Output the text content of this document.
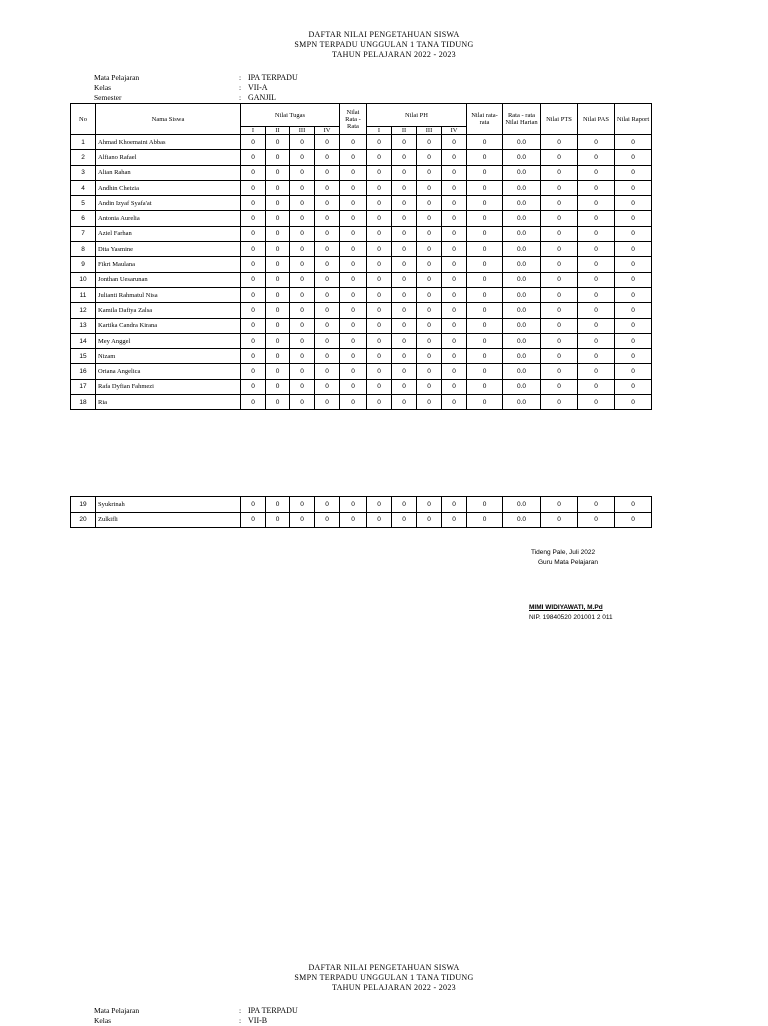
DAFTAR NILAI PENGETAHUAN SISWA
SMPN TERPADU UNGGULAN 1 TANA TIDUNG
TAHUN PELAJARAN 2022 - 2023
Mata Pelajaran	: IPA TERPADU
Kelas	: VII-A
Semester	: GANJIL
No	Nama Siswa	Nilai Tugas				Nilai Rata - Rata	Nilai PH				Nilai rata-rata	Rata - rata Nilai Harian	Nilai PTS	Nilai PAS	Nilai Raport
		I	II	III	IV		I	II	III	IV					
1	Ahmad Khoemaini Abbas	0	0	0	0	0	0	0	0	0	0	0.0	0	0	0
2	Alfiano Rafael	0	0	0	0	0	0	0	0	0	0	0.0	0	0	0
3	Alian Rahan	0	0	0	0	0	0	0	0	0	0	0.0	0	0	0
4	Andhin Cheizia	0	0	0	0	0	0	0	0	0	0	0.0	0	0	0
5	Andin Izyaf Syafa'at	0	0	0	0	0	0	0	0	0	0	0.0	0	0	0
6	Antonia Aurelia	0	0	0	0	0	0	0	0	0	0	0.0	0	0	0
7	Aziel Farhan	0	0	0	0	0	0	0	0	0	0	0.0	0	0	0
8	Dita Yasmine	0	0	0	0	0	0	0	0	0	0	0.0	0	0	0
9	Fikri Maulana	0	0	0	0	0	0	0	0	0	0	0.0	0	0	0
10	Jonthan Uesarunan	0	0	0	0	0	0	0	0	0	0	0.0	0	0	0
11	Julianti Rahmatul Nisa	0	0	0	0	0	0	0	0	0	0	0.0	0	0	0
12	Kamila Dafiya Zalsa	0	0	0	0	0	0	0	0	0	0	0.0	0	0	0
13	Kartika Candra Kirana	0	0	0	0	0	0	0	0	0	0	0.0	0	0	0
14	Mey Anggel	0	0	0	0	0	0	0	0	0	0	0.0	0	0	0
15	Nizam	0	0	0	0	0	0	0	0	0	0	0.0	0	0	0
16	Oriana Angelica	0	0	0	0	0	0	0	0	0	0	0.0	0	0	0
17	Rafa Dyfian Fahmezi	0	0	0	0	0	0	0	0	0	0	0.0	0	0	0
18	Ria	0	0	0	0	0	0	0	0	0	0	0.0	0	0	0
19	Syukrinah	0	0	0	0	0	0	0	0	0	0	0.0	0	0	0
20	Zulkifli	0	0	0	0	0	0	0	0	0	0	0.0	0	0	0
Tideng Pale, Juli 2022
Guru Mata Pelajaran
MIMI WIDIYAWATI, M.Pd
NIP. 19840520 201001 2 011
DAFTAR NILAI PENGETAHUAN SISWA
SMPN TERPADU UNGGULAN 1 TANA TIDUNG
TAHUN PELAJARAN 2022 - 2023
Mata Pelajaran	: IPA TERPADU
Kelas	: VII-B
